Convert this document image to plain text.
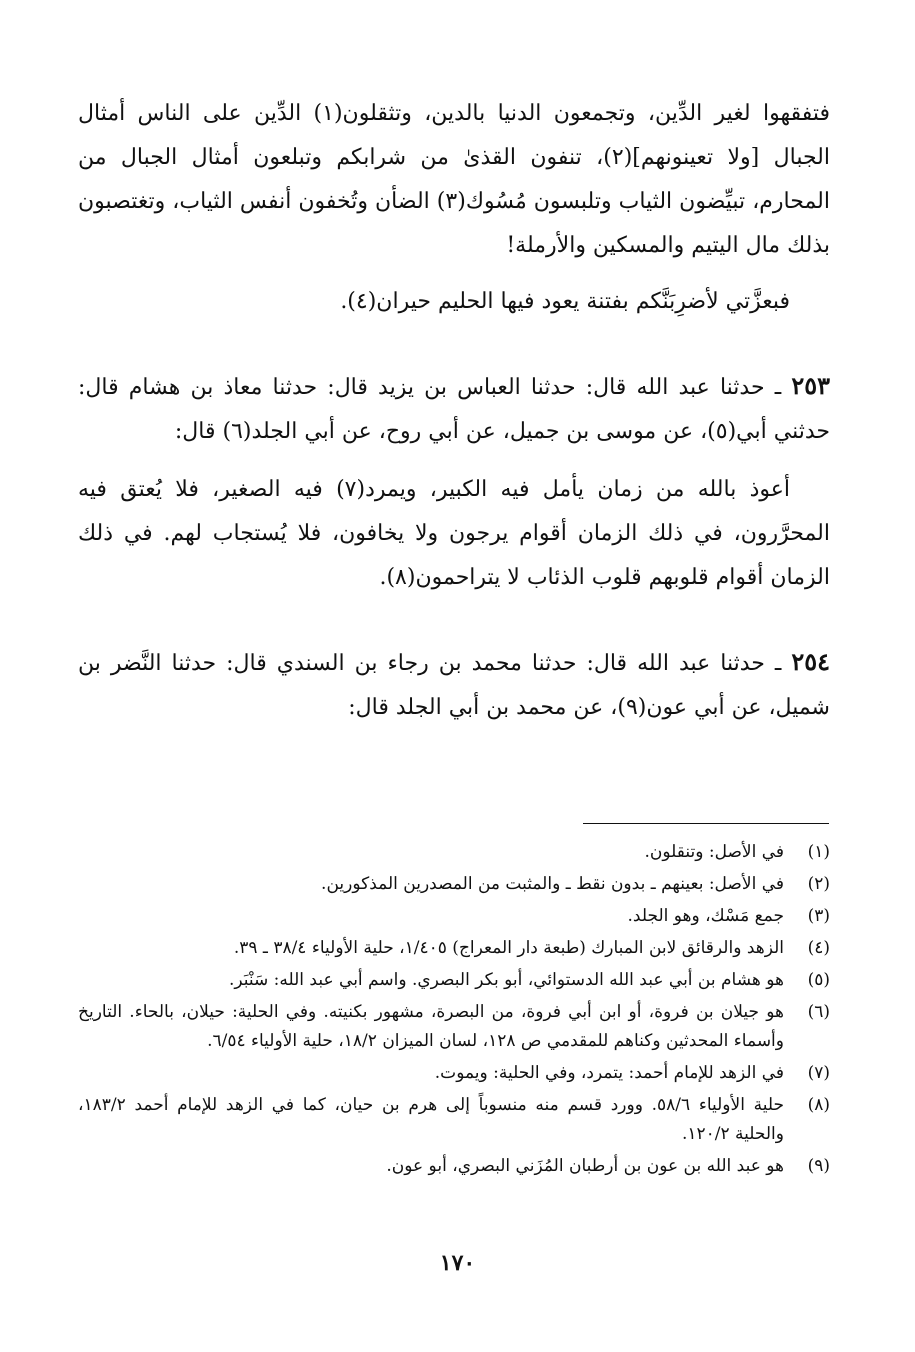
فتفقهوا لغير الدِّين، وتجمعون الدنيا بالدين، وتثقلون(١) الدِّين على الناس أمثال الجبال [ولا تعينونهم](٢)، تنفون القذىٰ من شرابكم وتبلعون أمثال الجبال من المحارم، تبيِّضون الثياب وتلبسون مُسُوك(٣) الضأن وتُخفون أنفس الثياب، وتغتصبون بذلك مال اليتيم والمسكين والأرملة!

فبعزَّتي لأضرِبَنَّكم بفتنة يعود فيها الحليم حيران(٤).

٢٥٣ ـ حدثنا عبد الله قال: حدثنا العباس بن يزيد قال: حدثنا معاذ بن هشام قال: حدثني أبي(٥)، عن موسى بن جميل، عن أبي روح، عن أبي الجلد(٦) قال:

أعوذ بالله من زمان يأمل فيه الكبير، ويمرد(٧) فيه الصغير، فلا يُعتق فيه المحرَّرون، في ذلك الزمان أقوام يرجون ولا يخافون، فلا يُستجاب لهم. في ذلك الزمان أقوام قلوبهم قلوب الذئاب لا يتراحمون(٨).

٢٥٤ ـ حدثنا عبد الله قال: حدثنا محمد بن رجاء بن السندي قال: حدثنا النَّضر بن شميل، عن أبي عون(٩)، عن محمد بن أبي الجلد قال:

(١)
في الأصل: وتنقلون.
(٢)
في الأصل: بعينهم ـ بدون نقط ـ والمثبت من المصدرين المذكورين.
(٣)
جمع مَسْك، وهو الجلد.
(٤)
الزهد والرقائق لابن المبارك (طبعة دار المعراج) ١/٤٠٥، حلية الأولياء ٣٨/٤ ـ ٣٩.
(٥)
هو هشام بن أبي عبد الله الدستوائي، أبو بكر البصري. واسم أبي عبد الله: سَنْبَر.
(٦)
هو جيلان بن فروة، أو ابن أبي فروة، من البصرة، مشهور بكنيته. وفي الحلية: حيلان، بالحاء. التاريخ وأسماء المحدثين وكناهم للمقدمي ص ١٢٨، لسان الميزان ١٨/٢، حلية الأولياء ٦/٥٤.
(٧)
في الزهد للإمام أحمد: يتمرد، وفي الحلية: ويموت.
(٨)
حلية الأولياء ٥٨/٦. وورد قسم منه منسوباً إلى هرم بن حيان، كما في الزهد للإمام أحمد ١٨٣/٢، والحلية ١٢٠/٢.
(٩)
هو عبد الله بن عون بن أرطبان المُزَني البصري، أبو عون.
١٧٠
